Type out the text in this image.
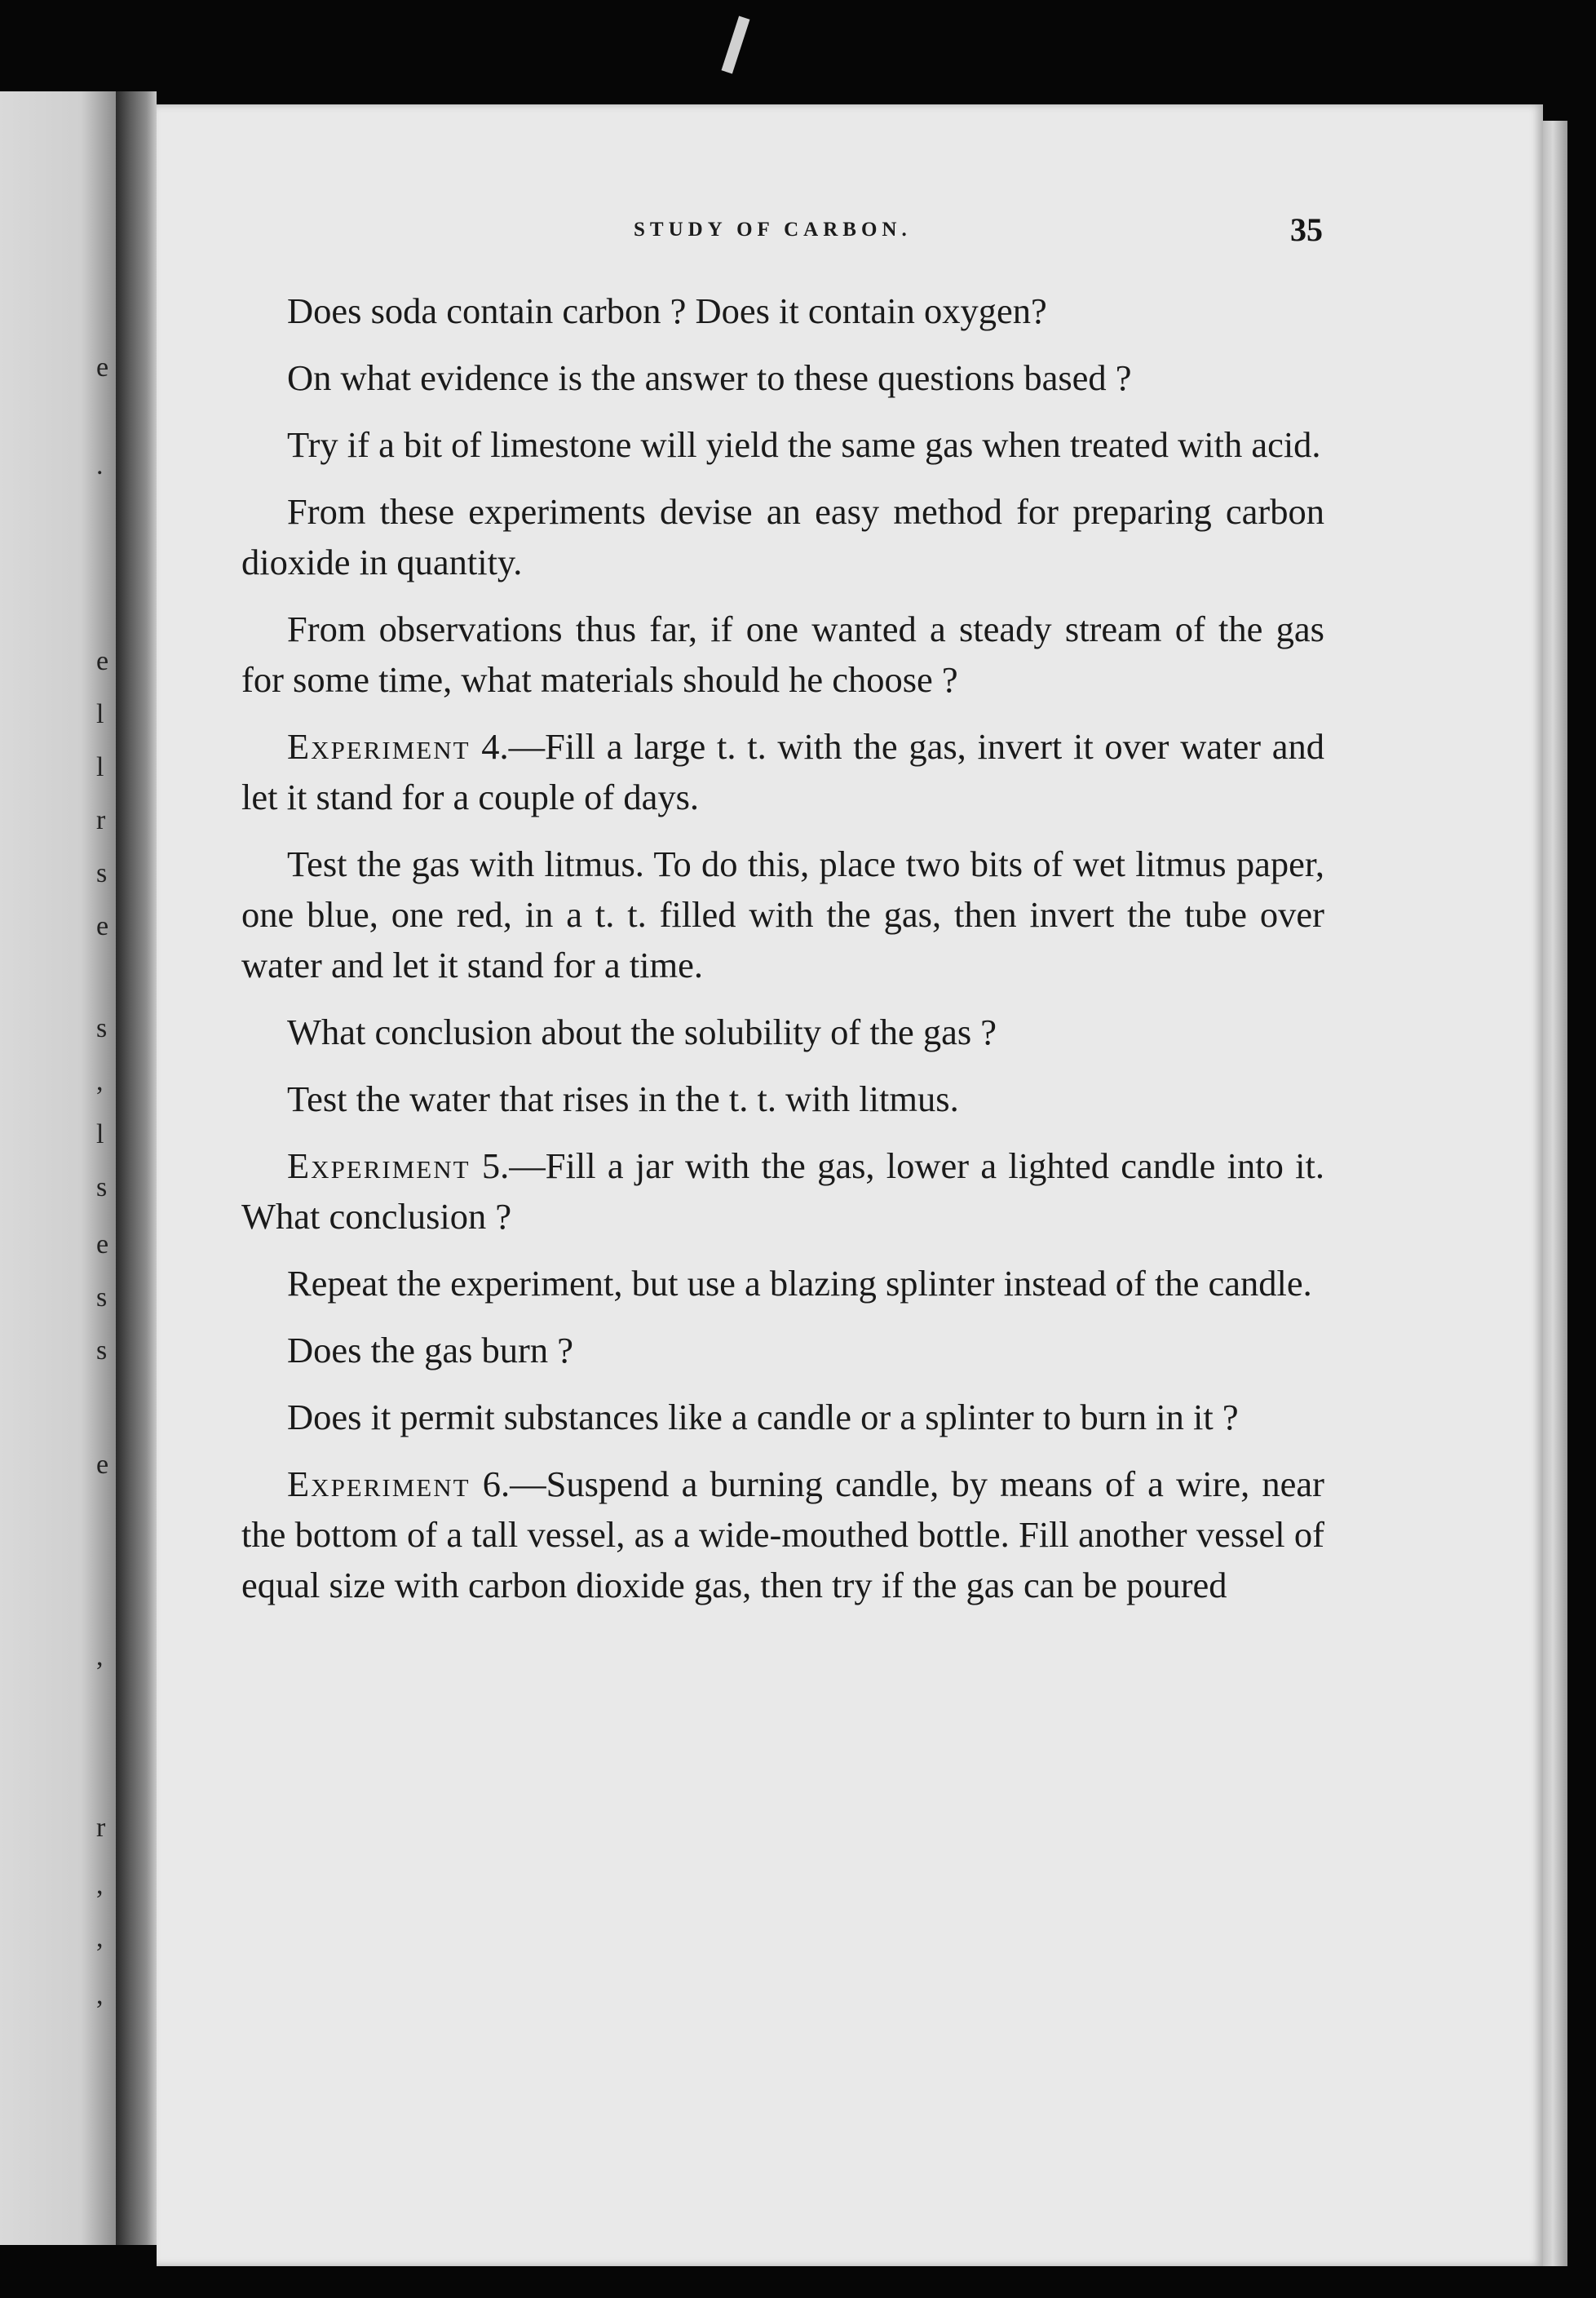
e
.
e
l
l
r
s
e
s
,
l
s
e
s
s
e
,
r
,
,
,
STUDY OF CARBON.	35

Does soda contain carbon ? Does it contain oxygen?

On what evidence is the answer to these questions based ?

Try if a bit of limestone will yield the same gas when treated with acid.

From these experiments devise an easy method for preparing carbon dioxide in quantity.

From observations thus far, if one wanted a steady stream of the gas for some time, what materials should he choose ?

Experiment 4.—Fill a large t. t. with the gas, invert it over water and let it stand for a couple of days.

Test the gas with litmus. To do this, place two bits of wet litmus paper, one blue, one red, in a t. t. filled with the gas, then invert the tube over water and let it stand for a time.

What conclusion about the solubility of the gas ?

Test the water that rises in the t. t. with litmus.

Experiment 5.—Fill a jar with the gas, lower a lighted candle into it. What conclusion ?

Repeat the experiment, but use a blazing splinter instead of the candle.

Does the gas burn ?

Does it permit substances like a candle or a splinter to burn in it ?

Experiment 6.—Suspend a burning candle, by means of a wire, near the bottom of a tall vessel, as a wide-mouthed bottle. Fill another vessel of equal size with carbon dioxide gas, then try if the gas can be poured
